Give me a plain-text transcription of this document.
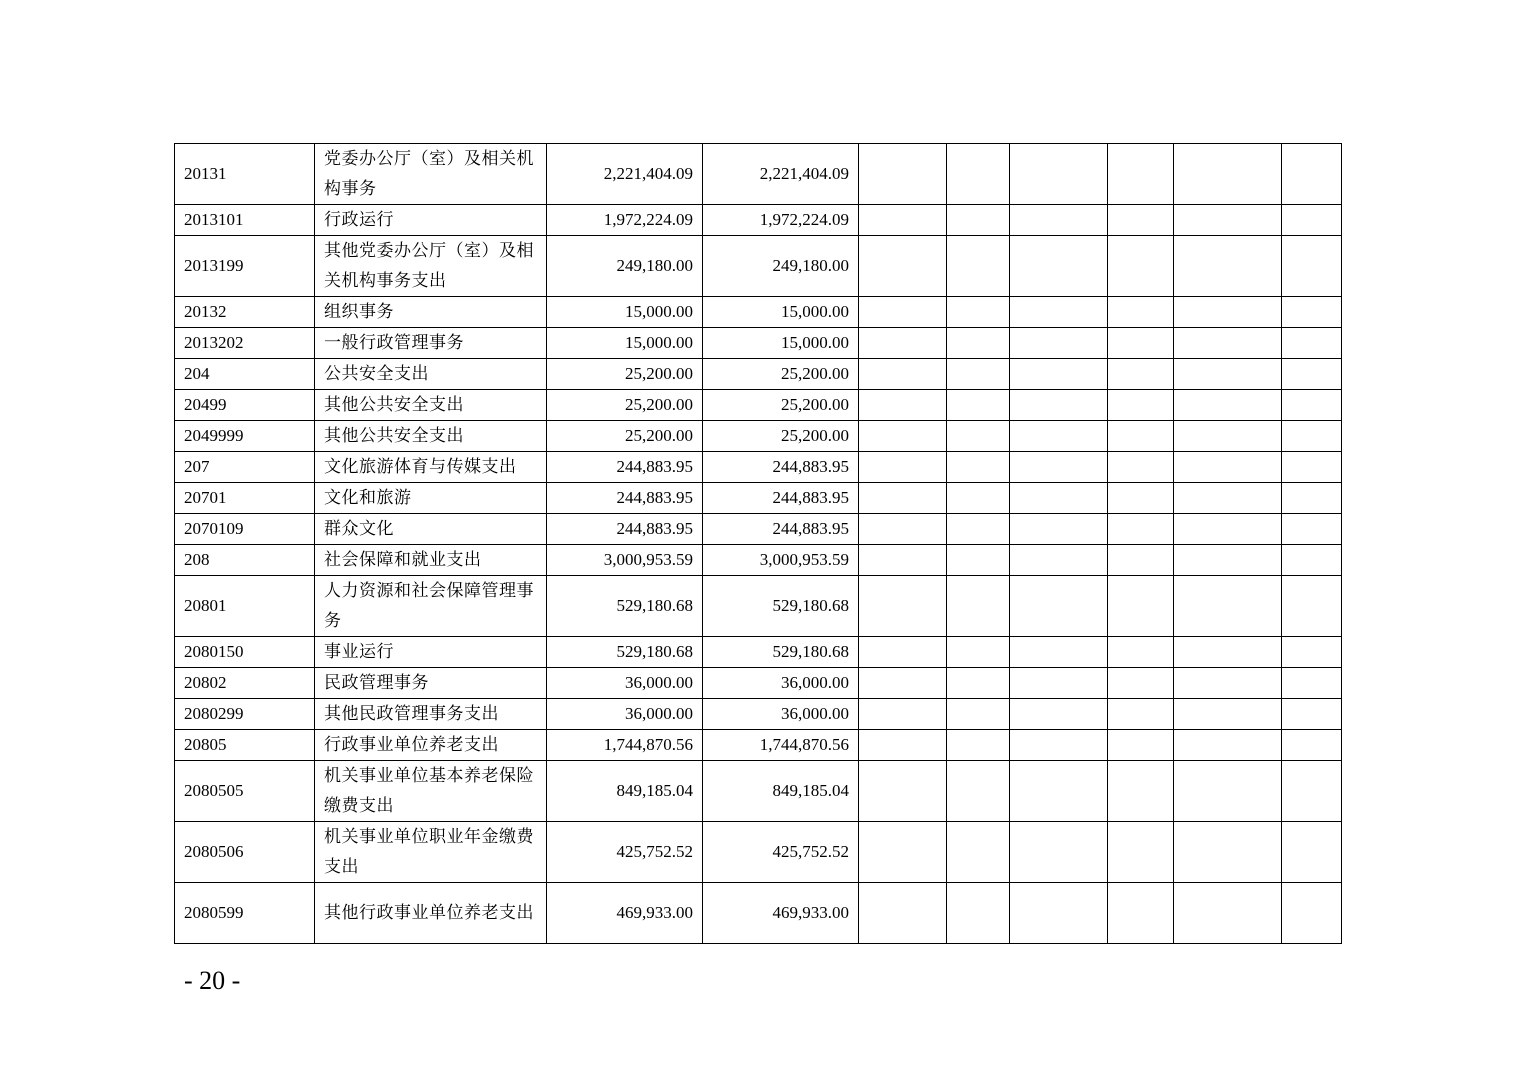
20131	党委办公厅（室）及相关机构事务	2,221,404.09	2,221,404.09						
2013101	行政运行	1,972,224.09	1,972,224.09						
2013199	其他党委办公厅（室）及相关机构事务支出	249,180.00	249,180.00						
20132	组织事务	15,000.00	15,000.00						
2013202	一般行政管理事务	15,000.00	15,000.00						
204	公共安全支出	25,200.00	25,200.00						
20499	其他公共安全支出	25,200.00	25,200.00						
2049999	其他公共安全支出	25,200.00	25,200.00						
207	文化旅游体育与传媒支出	244,883.95	244,883.95						
20701	文化和旅游	244,883.95	244,883.95						
2070109	群众文化	244,883.95	244,883.95						
208	社会保障和就业支出	3,000,953.59	3,000,953.59						
20801	人力资源和社会保障管理事务	529,180.68	529,180.68						
2080150	事业运行	529,180.68	529,180.68						
20802	民政管理事务	36,000.00	36,000.00						
2080299	其他民政管理事务支出	36,000.00	36,000.00						
20805	行政事业单位养老支出	1,744,870.56	1,744,870.56						
2080505	机关事业单位基本养老保险缴费支出	849,185.04	849,185.04						
2080506	机关事业单位职业年金缴费支出	425,752.52	425,752.52						
2080599	其他行政事业单位养老支出	469,933.00	469,933.00						
- 20 -
